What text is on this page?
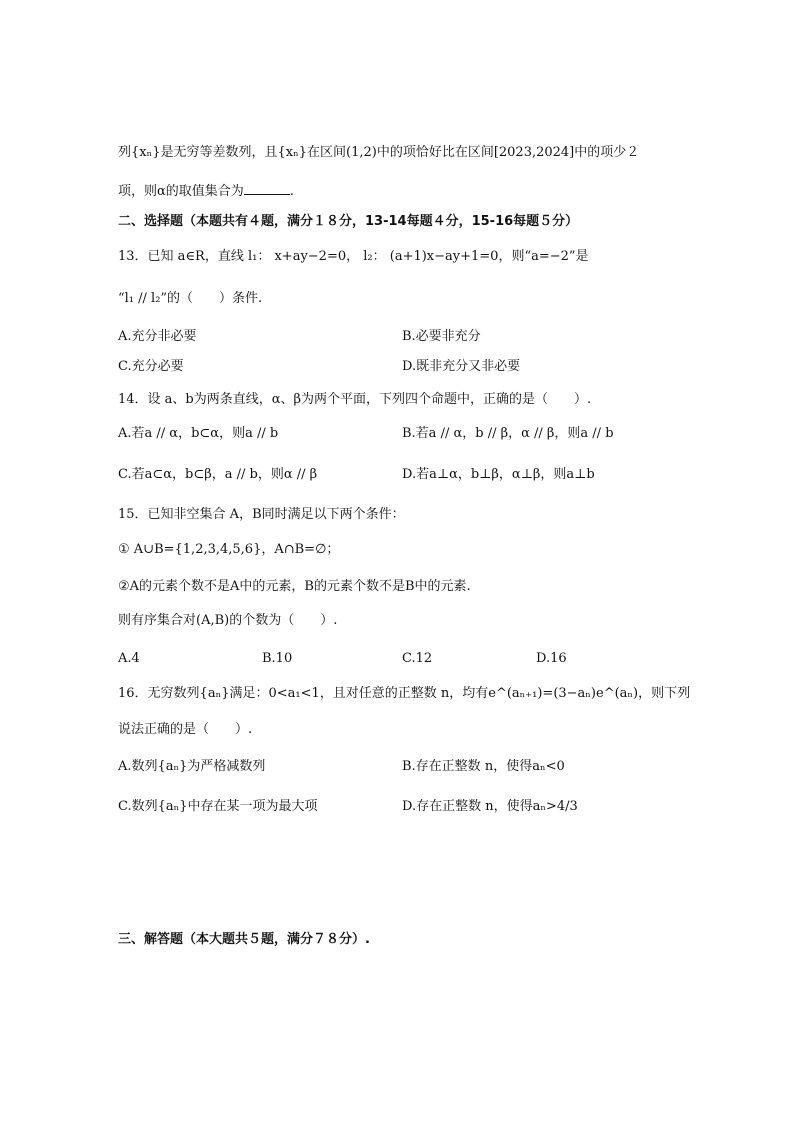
列{xₙ}是无穷等差数列，且{xₙ}在区间(1,2)中的项恰好比在区间[2023,2024]中的项少２
项，则α的取值集合为	.
二、选择题（本题共有４题，满分１８分，13-14每题４分，15-16每题５分）
13．已知 a∈R，直线 l₁： x+ay−2=0， l₂： (a+1)x−ay+1=0，则“a=−2”是
“l₁ // l₂”的（　　）条件.
A.充分非必要	B.必要非充分
C.充分必要	D.既非充分又非必要
14．设 a、b为两条直线，α、β为两个平面，下列四个命题中，正确的是（　　）.
A.若a // α，b⊂α，则a // b	B.若a // α，b // β，α // β，则a // b
C.若a⊂α，b⊂β，a // b，则α // β	D.若a⊥α，b⊥β，α⊥β，则a⊥b
15．已知非空集合 A，B同时满足以下两个条件：
① A∪B={1,2,3,4,5,6}，A∩B=∅；
②A的元素个数不是A中的元素，B的元素个数不是B中的元素.
则有序集合对(A,B)的个数为（　　）.
A.4	B.10	C.12	D.16
16．无穷数列{aₙ}满足：0<a₁<1，且对任意的正整数 n，均有e^(aₙ₊₁)=(3−aₙ)e^(aₙ)，则下列
说法正确的是（　　）.
A.数列{aₙ}为严格减数列	B.存在正整数 n，使得aₙ<0
C.数列{aₙ}中存在某一项为最大项	D.存在正整数 n，使得aₙ>4/3
三、解答题（本大题共５题，满分７８分）.
